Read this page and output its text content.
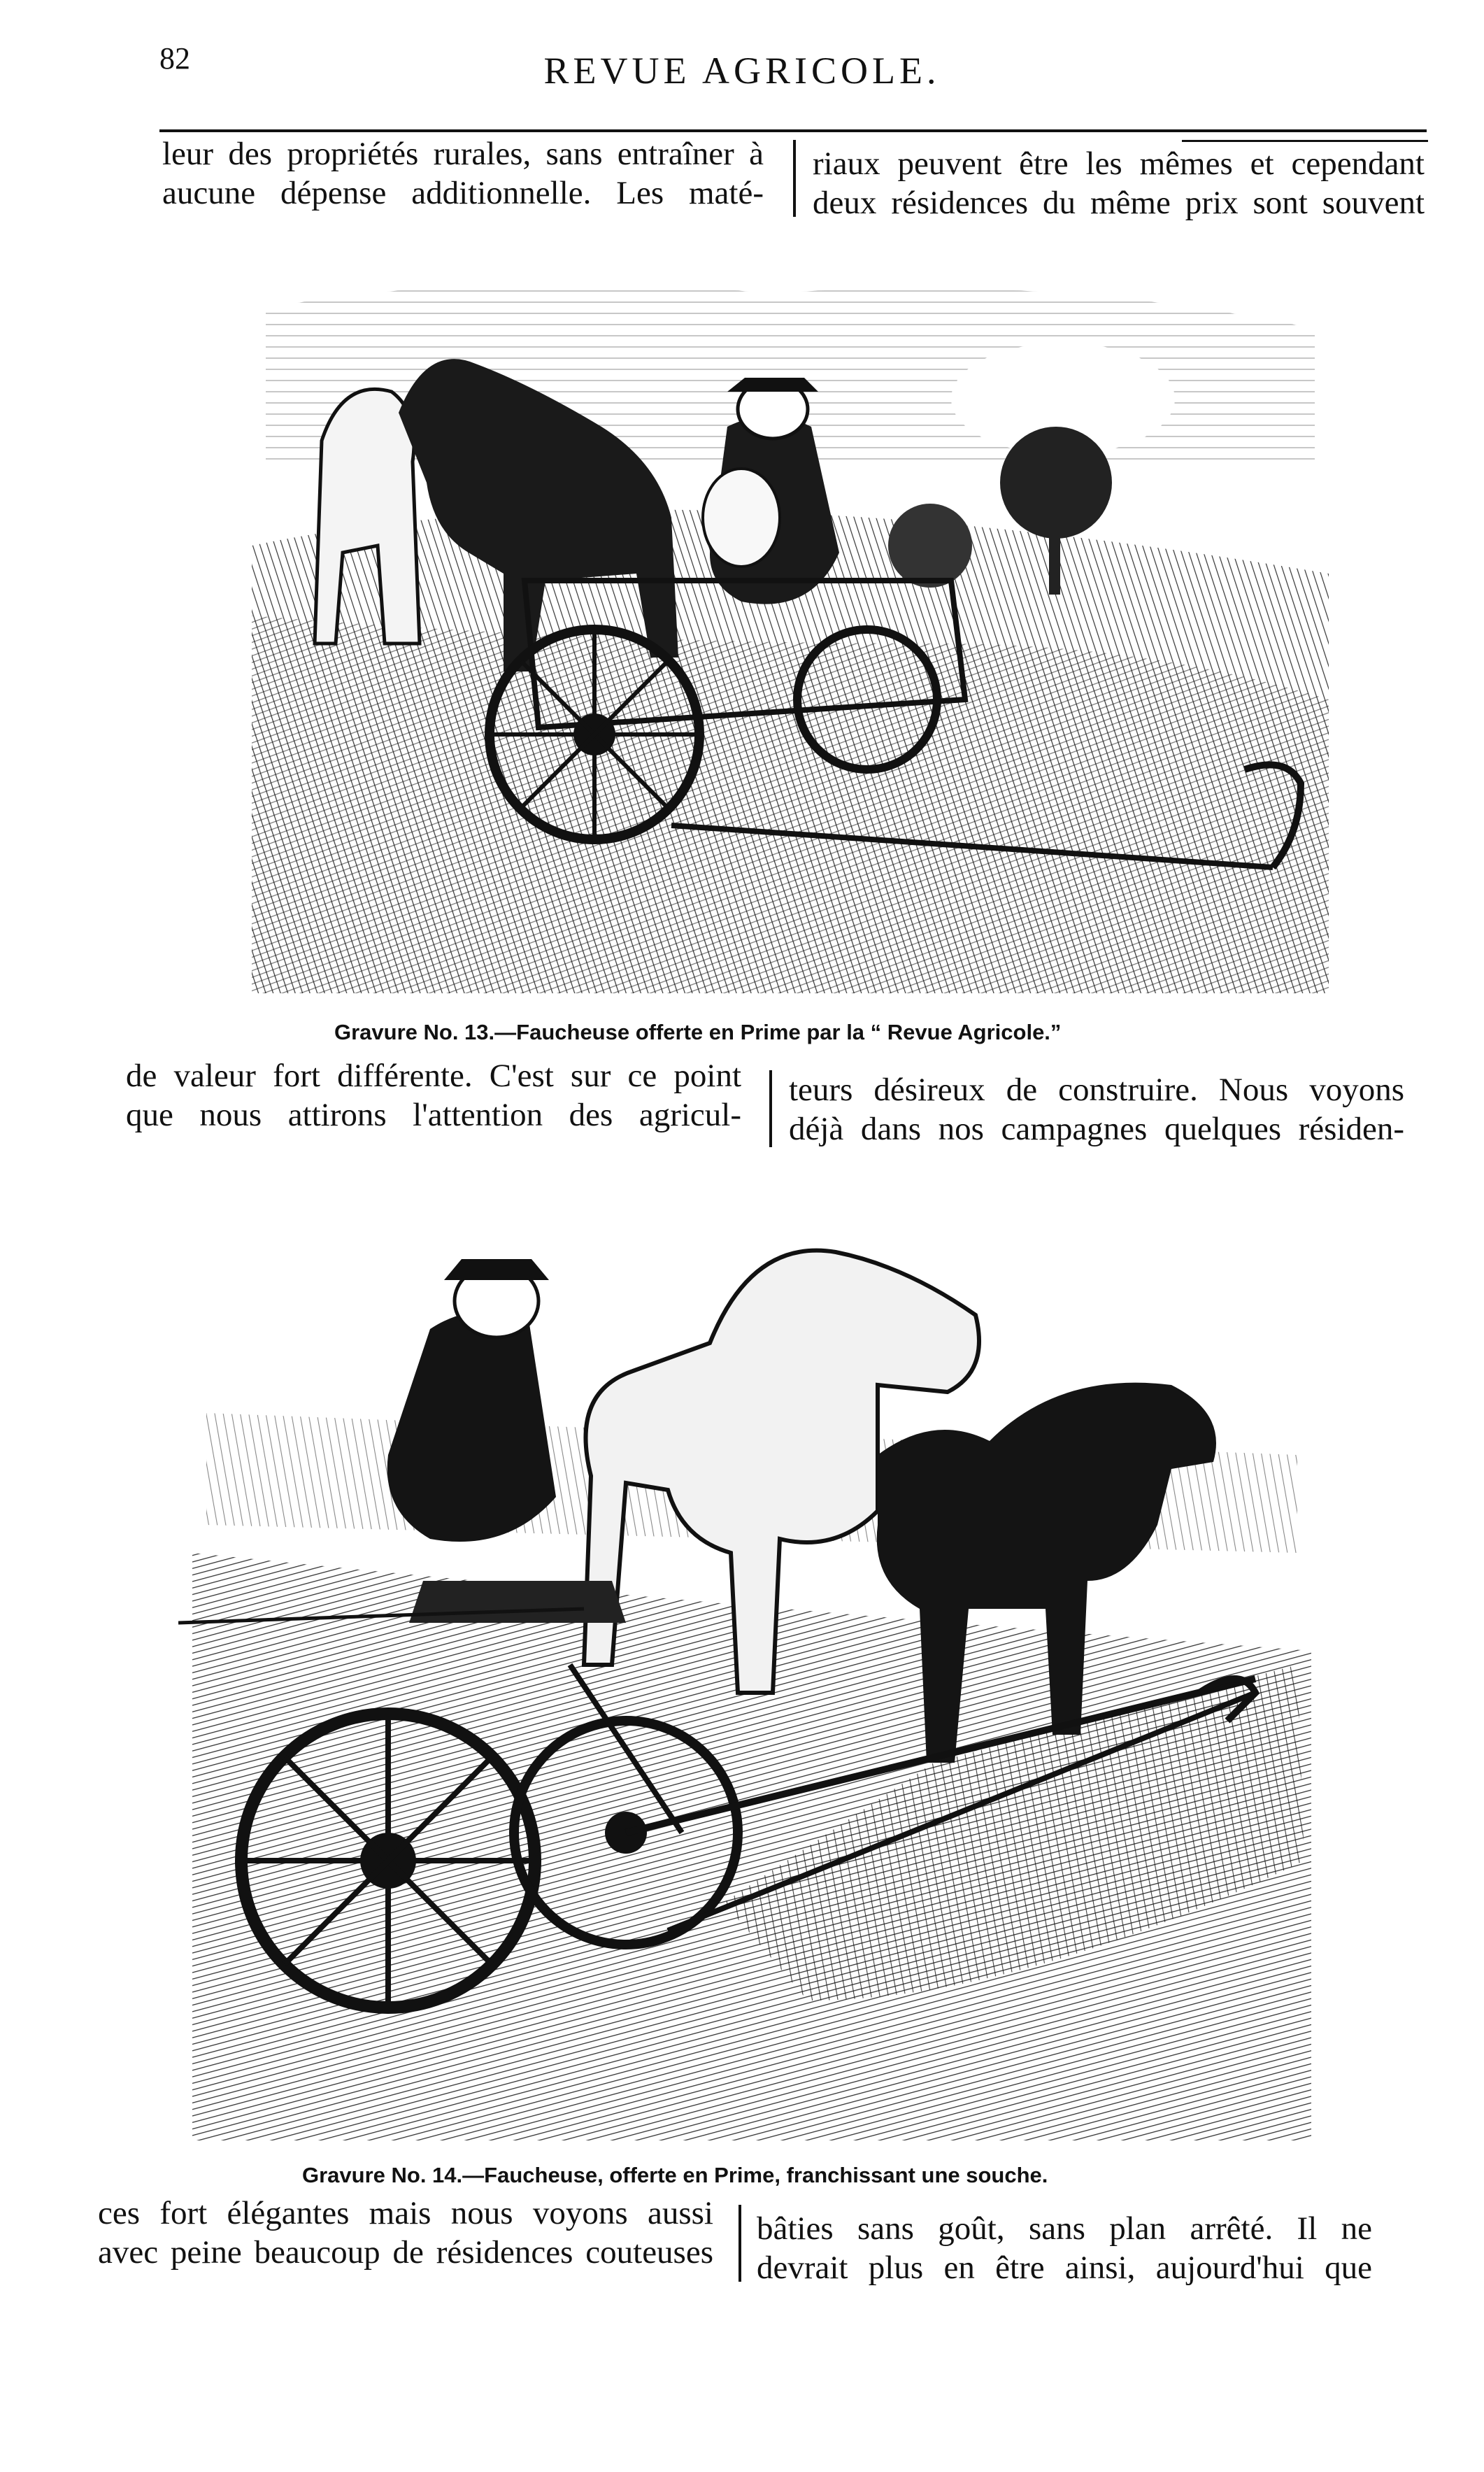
82	REVUE AGRICOLE.
leur des propriétés rurales, sans entraîner à
aucune dépense additionnelle. Les maté-
riaux peuvent être les mêmes et cependant
deux résidences du même prix sont souvent
Gravure No. 13.—Faucheuse offerte en Prime par la “ Revue Agricole.”
de valeur fort différente. C'est sur ce point
que nous attirons l'attention des agricul-
teurs désireux de construire. Nous voyons
déjà dans nos campagnes quelques résiden-
Gravure No. 14.—Faucheuse, offerte en Prime, franchissant une souche.
ces fort élégantes mais nous voyons aussi
avec peine beaucoup de résidences couteuses
bâties sans goût, sans plan arrêté. Il ne
devrait plus en être ainsi, aujourd'hui que
